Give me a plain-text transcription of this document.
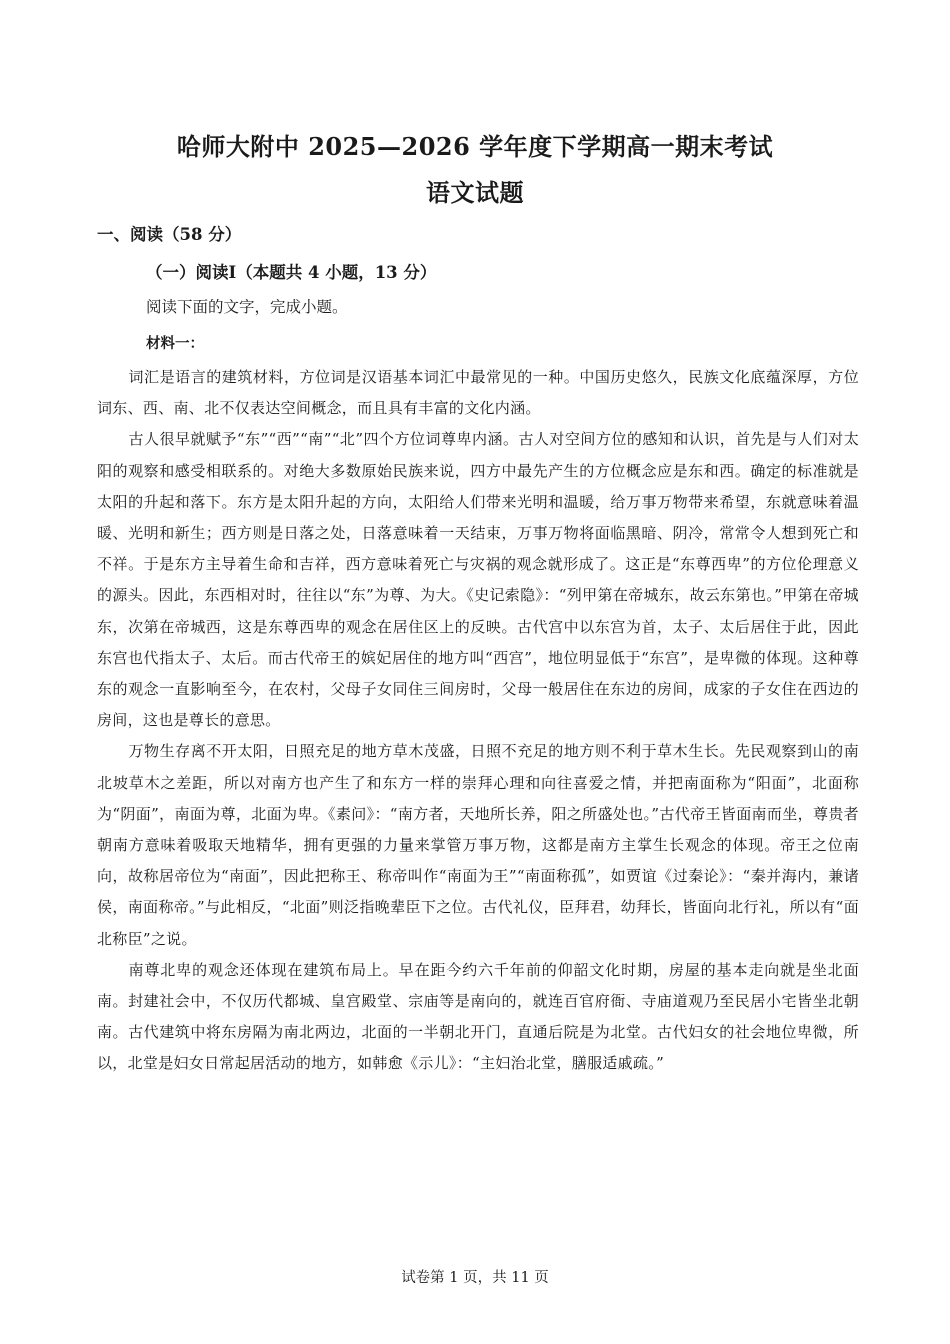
哈师大附中 2025—2026 学年度下学期高一期末考试
语文试题
一、阅读（58 分）
（一）阅读I（本题共 4 小题，13 分）
阅读下面的文字，完成小题。
材料一：

词汇是语言的建筑材料，方位词是汉语基本词汇中最常见的一种。中国历史悠久，民族文化底蕴深厚，方位词东、西、南、北不仅表达空间概念，而且具有丰富的文化内涵。

古人很早就赋予“东”“西”“南”“北”四个方位词尊卑内涵。古人对空间方位的感知和认识，首先是与人们对太阳的观察和感受相联系的。对绝大多数原始民族来说，四方中最先产生的方位概念应是东和西。确定的标准就是太阳的升起和落下。东方是太阳升起的方向，太阳给人们带来光明和温暖，给万事万物带来希望，东就意味着温暖、光明和新生；西方则是日落之处，日落意味着一天结束，万事万物将面临黑暗、阴冷，常常令人想到死亡和不祥。于是东方主导着生命和吉祥，西方意味着死亡与灾祸的观念就形成了。这正是“东尊西卑”的方位伦理意义的源头。因此，东西相对时，往往以“东”为尊、为大。《史记索隐》：“列甲第在帝城东，故云东第也。”甲第在帝城东，次第在帝城西，这是东尊西卑的观念在居住区上的反映。古代宫中以东宫为首，太子、太后居住于此，因此东宫也代指太子、太后。而古代帝王的嫔妃居住的地方叫“西宫”，地位明显低于“东宫”，是卑微的体现。这种尊东的观念一直影响至今，在农村，父母子女同住三间房时，父母一般居住在东边的房间，成家的子女住在西边的房间，这也是尊长的意思。

万物生存离不开太阳，日照充足的地方草木茂盛，日照不充足的地方则不利于草木生长。先民观察到山的南北坡草木之差距，所以对南方也产生了和东方一样的崇拜心理和向往喜爱之情，并把南面称为“阳面”，北面称为“阴面”，南面为尊，北面为卑。《素问》：“南方者，天地所长养，阳之所盛处也。”古代帝王皆面南而坐，尊贵者朝南方意味着吸取天地精华，拥有更强的力量来掌管万事万物，这都是南方主掌生长观念的体现。帝王之位南向，故称居帝位为“南面”，因此把称王、称帝叫作“南面为王”“南面称孤”，如贾谊《过秦论》：“秦并海内，兼诸侯，南面称帝。”与此相反，“北面”则泛指晚辈臣下之位。古代礼仪，臣拜君，幼拜长，皆面向北行礼，所以有“面北称臣”之说。

南尊北卑的观念还体现在建筑布局上。早在距今约六千年前的仰韶文化时期，房屋的基本走向就是坐北面南。封建社会中，不仅历代都城、皇宫殿堂、宗庙等是南向的，就连百官府衙、寺庙道观乃至民居小宅皆坐北朝南。古代建筑中将东房隔为南北两边，北面的一半朝北开门，直通后院是为北堂。古代妇女的社会地位卑微，所以，北堂是妇女日常起居活动的地方，如韩愈《示儿》：“主妇治北堂，膳服适戚疏。”

试卷第 1 页，共 11 页
